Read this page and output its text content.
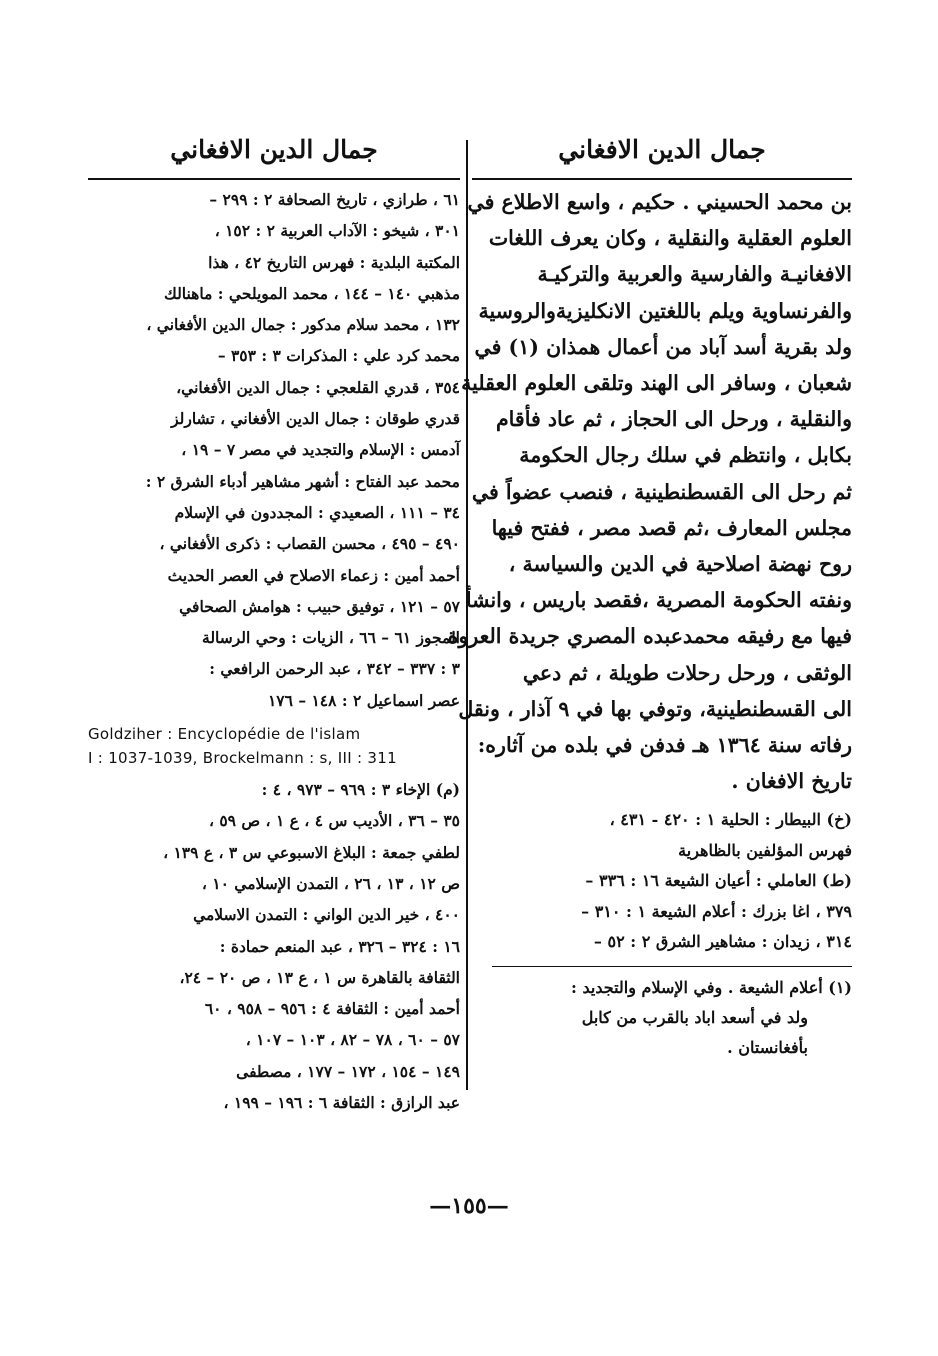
جمال الدين الافغاني
بن محمد الحسيني . حكيم ، واسع الاطلاع في
العلوم العقلية والنقلية ، وكان يعرف اللغات
الافغانيـة والفارسية والعربية والتركيـة
والفرنساوية ويلم باللغتين الانكليزيةوالروسية
ولد بقرية أسد آباد من أعمال همذان (١) في
شعبان ، وسافر الى الهند وتلقى العلوم العقلية
والنقلية ، ورحل الى الحجاز ، ثم عاد فأقام
بكابل ، وانتظم في سلك رجال الحكومة
ثم رحل الى القسطنطينية ، فنصب عضواً في
مجلس المعارف ،ثم قصد مصر ، ففتح فيها
روح نهضة اصلاحية في الدين والسياسة ،
ونفته الحكومة المصرية ،فقصد باريس ، وانشأ
فيها مع رفيقه محمدعبده المصري جريدة العروة
الوثقى ، ورحل رحلات طويلة ، ثم دعي
الى القسطنطينية، وتوفي بها في ٩ آذار ، ونقل
رفاته سنة ١٣٦٤ هـ فدفن في بلده من آثاره:
تاريخ الافغان .
(خ) البيطار : الحلية ١ : ٤٢٠ - ٤٣١ ،
فهرس المؤلفين بالظاهرية
(ط) العاملي : أعيان الشيعة ١٦ : ٣٣٦ –
٣٧٩ ، اغا بزرك : أعلام الشيعة ١ : ٣١٠ –
٣١٤ ، زيدان : مشاهير الشرق ٢ : ٥٢ –
(١) أعلام الشيعة . وفي الإسلام والتجديد :
ولد في أسعد اباد بالقرب من كابل
بأفغانستان .
جمال الدين الافغاني
٦١ ، طرازي ، تاريخ الصحافة ٢ : ٢٩٩ –
٣٠١ ، شيخو : الآداب العربية ٢ : ١٥٢ ،
المكتبة البلدية : فهرس التاريخ ٤٢ ، هذا
مذهبي ١٤٠ – ١٤٤ ، محمد المويلحي : ماهنالك
١٣٢ ، محمد سلام مدكور : جمال الدين الأفغاني ،
محمد كرد علي : المذكرات ٣ : ٣٥٣ –
٣٥٤ ، قدري القلعجي : جمال الدين الأفغاني،
قدري طوقان : جمال الدين الأفغاني ، تشارلز
آدمس : الإسلام والتجديد في مصر ٧ – ١٩ ،
محمد عبد الفتاح : أشهر مشاهير أدباء الشرق ٢ :
٣٤ – ١١١ ، الصعيدي : المجددون في الإسلام
٤٩٠ – ٤٩٥ ، محسن القصاب : ذكرى الأفغاني ،
أحمد أمين : زعماء الاصلاح في العصر الحديث
٥٧ – ١٢١ ، توفيق حبيب : هوامش الصحافي
المجوز ٦١ – ٦٦ ، الزيات : وحي الرسالة
٣ : ٣٣٧ – ٣٤٢ ، عبد الرحمن الرافعي :
عصر اسماعيل ٢ : ١٤٨ – ١٧٦
Goldziher : Encyclopédie de l'islam
I : 1037-1039, Brockelmann : s, III : 311
(م) الإخاء ٣ : ٩٦٩ – ٩٧٣ ، ٤ :
٣٥ – ٣٦ ، الأديب س ٤ ، ع ١ ، ص ٥٩ ،
لطفي جمعة : البلاغ الاسبوعي س ٣ ، ع ١٣٩ ،
ص ١٢ ، ١٣ ، ٢٦ ، التمدن الإسلامي ١٠ ،
٤٠٠ ، خير الدين الواني : التمدن الاسلامي
١٦ : ٣٢٤ – ٣٢٦ ، عبد المنعم حمادة :
الثقافة بالقاهرة س ١ ، ع ١٣ ، ص ٢٠ – ٢٤،
أحمد أمين : الثقافة ٤ : ٩٥٦ – ٩٥٨ ، ٦٠
٥٧ – ٦٠ ، ٧٨ – ٨٢ ، ١٠٣ – ١٠٧ ،
١٤٩ – ١٥٤ ، ١٧٢ – ١٧٧ ، مصطفى
عبد الرازق : الثقافة ٦ : ١٩٦ – ١٩٩ ،
—١٥٥—
